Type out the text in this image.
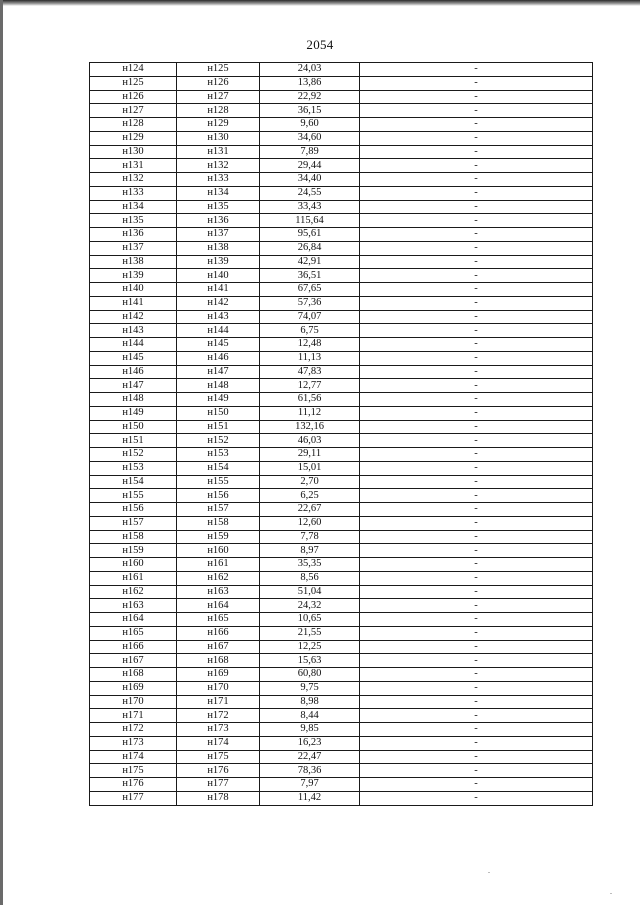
2054
н124	н125	24,03	-
н125	н126	13,86	-
н126	н127	22,92	-
н127	н128	36,15	-
н128	н129	9,60	-
н129	н130	34,60	-
н130	н131	7,89	-
н131	н132	29,44	-
н132	н133	34,40	-
н133	н134	24,55	-
н134	н135	33,43	-
н135	н136	115,64	-
н136	н137	95,61	-
н137	н138	26,84	-
н138	н139	42,91	-
н139	н140	36,51	-
н140	н141	67,65	-
н141	н142	57,36	-
н142	н143	74,07	-
н143	н144	6,75	-
н144	н145	12,48	-
н145	н146	11,13	-
н146	н147	47,83	-
н147	н148	12,77	-
н148	н149	61,56	-
н149	н150	11,12	-
н150	н151	132,16	-
н151	н152	46,03	-
н152	н153	29,11	-
н153	н154	15,01	-
н154	н155	2,70	-
н155	н156	6,25	-
н156	н157	22,67	-
н157	н158	12,60	-
н158	н159	7,78	-
н159	н160	8,97	-
н160	н161	35,35	-
н161	н162	8,56	-
н162	н163	51,04	-
н163	н164	24,32	-
н164	н165	10,65	-
н165	н166	21,55	-
н166	н167	12,25	-
н167	н168	15,63	-
н168	н169	60,80	-
н169	н170	9,75	-
н170	н171	8,98	-
н171	н172	8,44	-
н172	н173	9,85	-
н173	н174	16,23	-
н174	н175	22,47	-
н175	н176	78,36	-
н176	н177	7,97	-
н177	н178	11,42	-
